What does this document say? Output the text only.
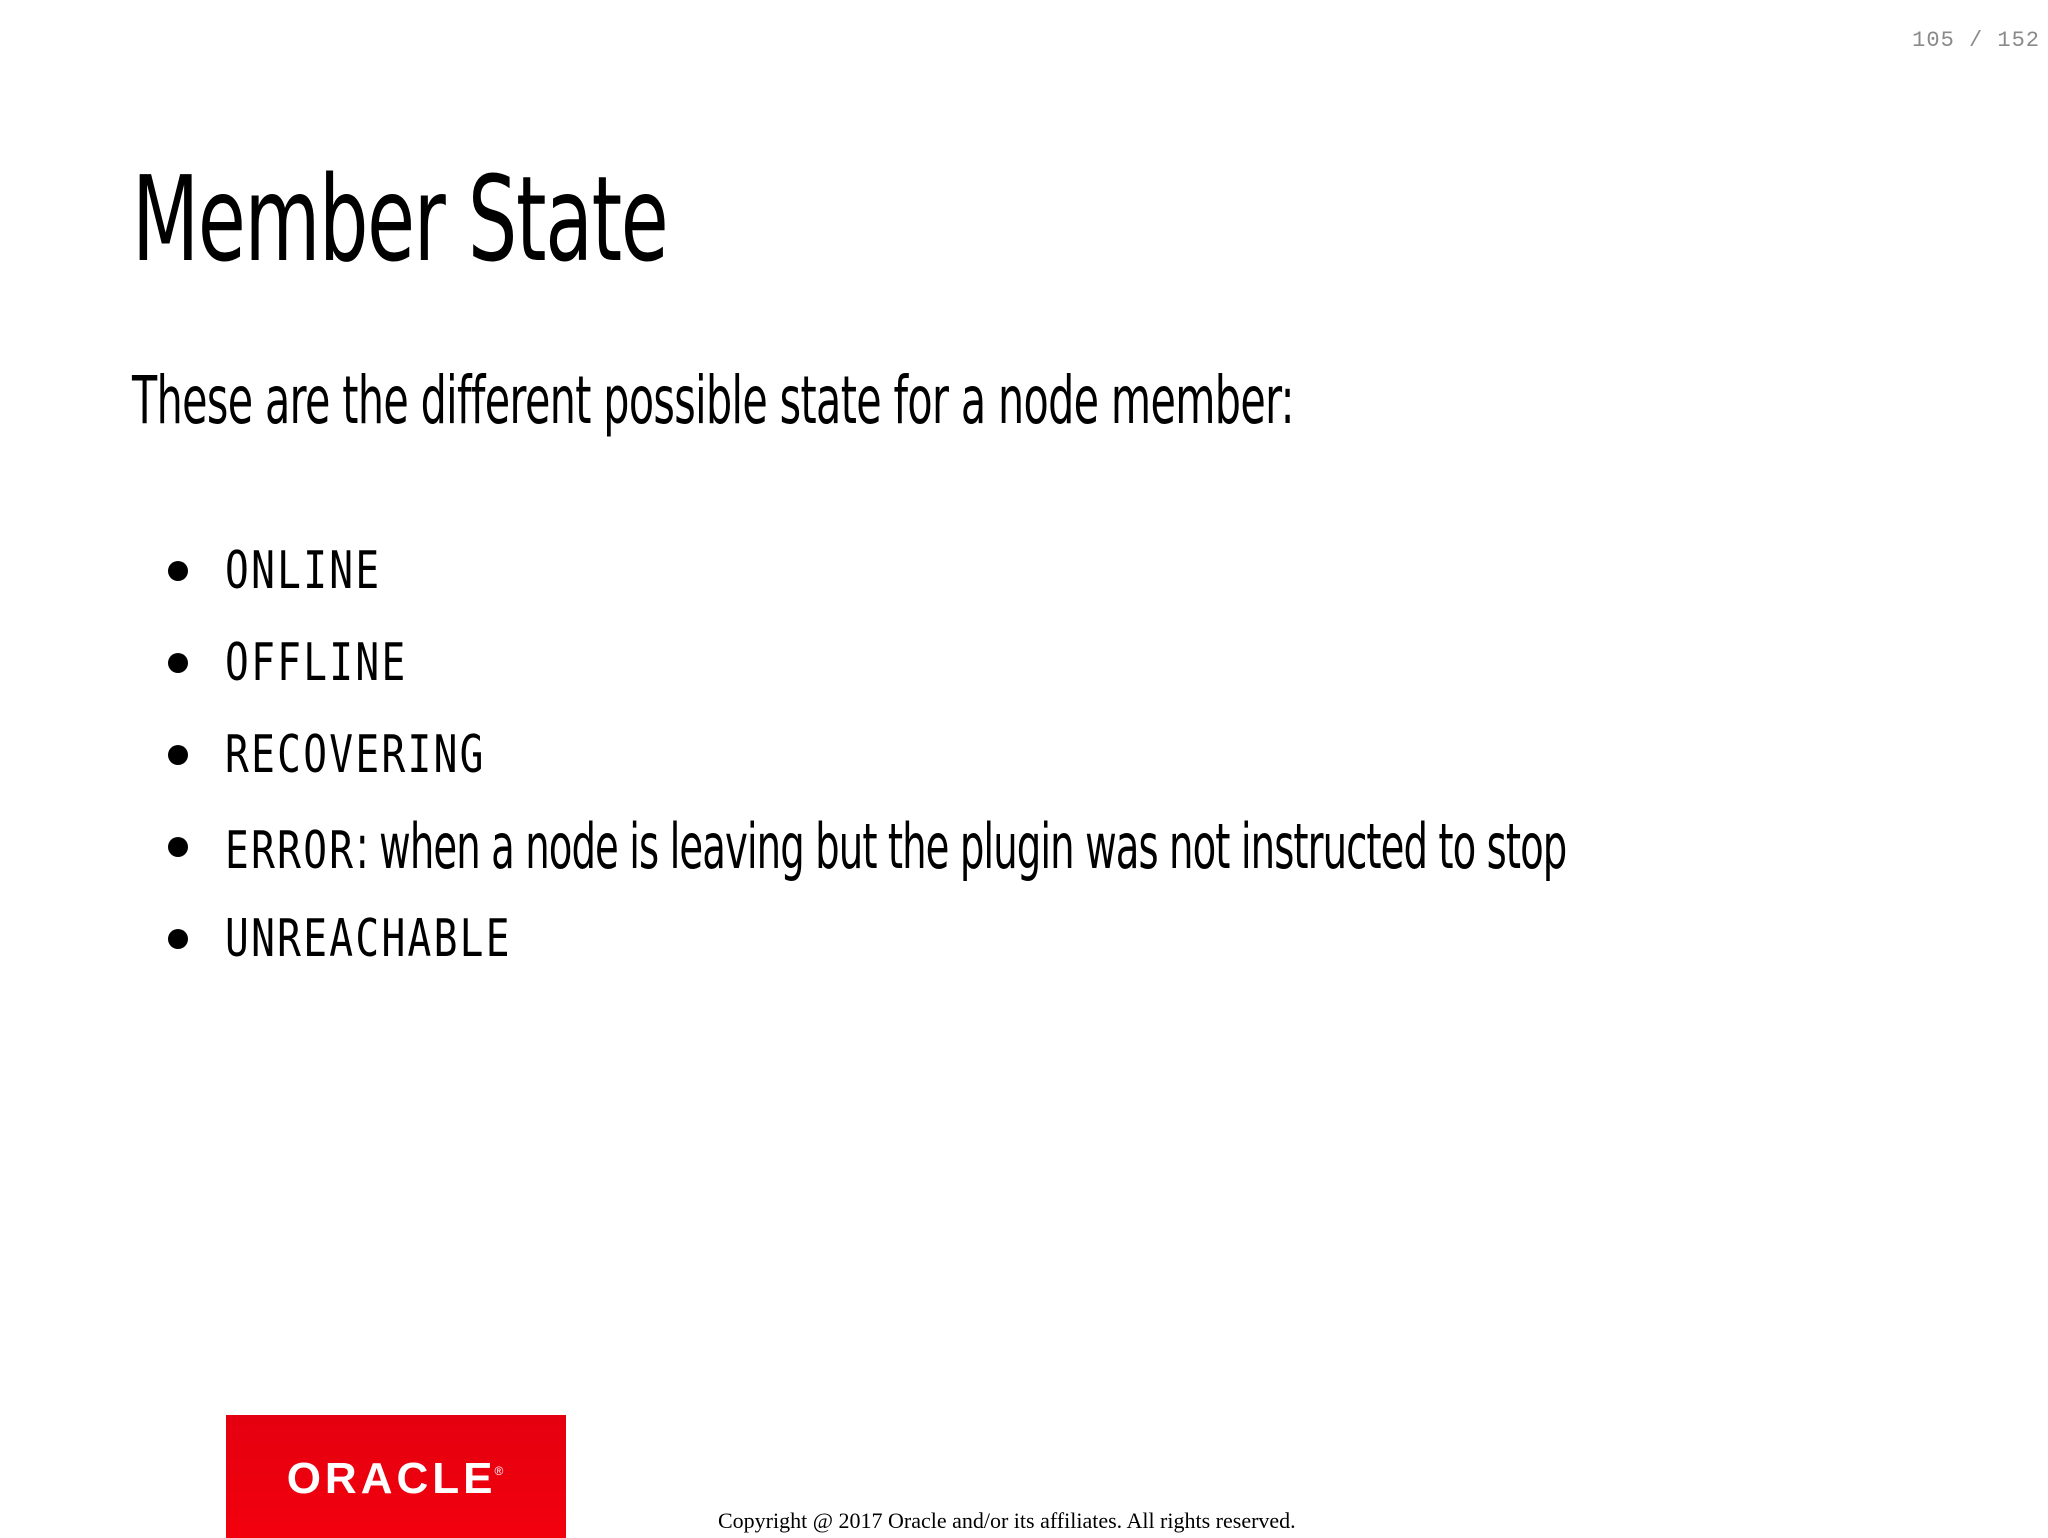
105 / 152
Member State

These are the different possible state for a node member:

ONLINE
OFFLINE
RECOVERING
ERROR: when a node is leaving but the plugin was not instructed to stop
UNREACHABLE
ORACLE
®
Copyright @ 2017 Oracle and/or its affiliates. All rights reserved.
